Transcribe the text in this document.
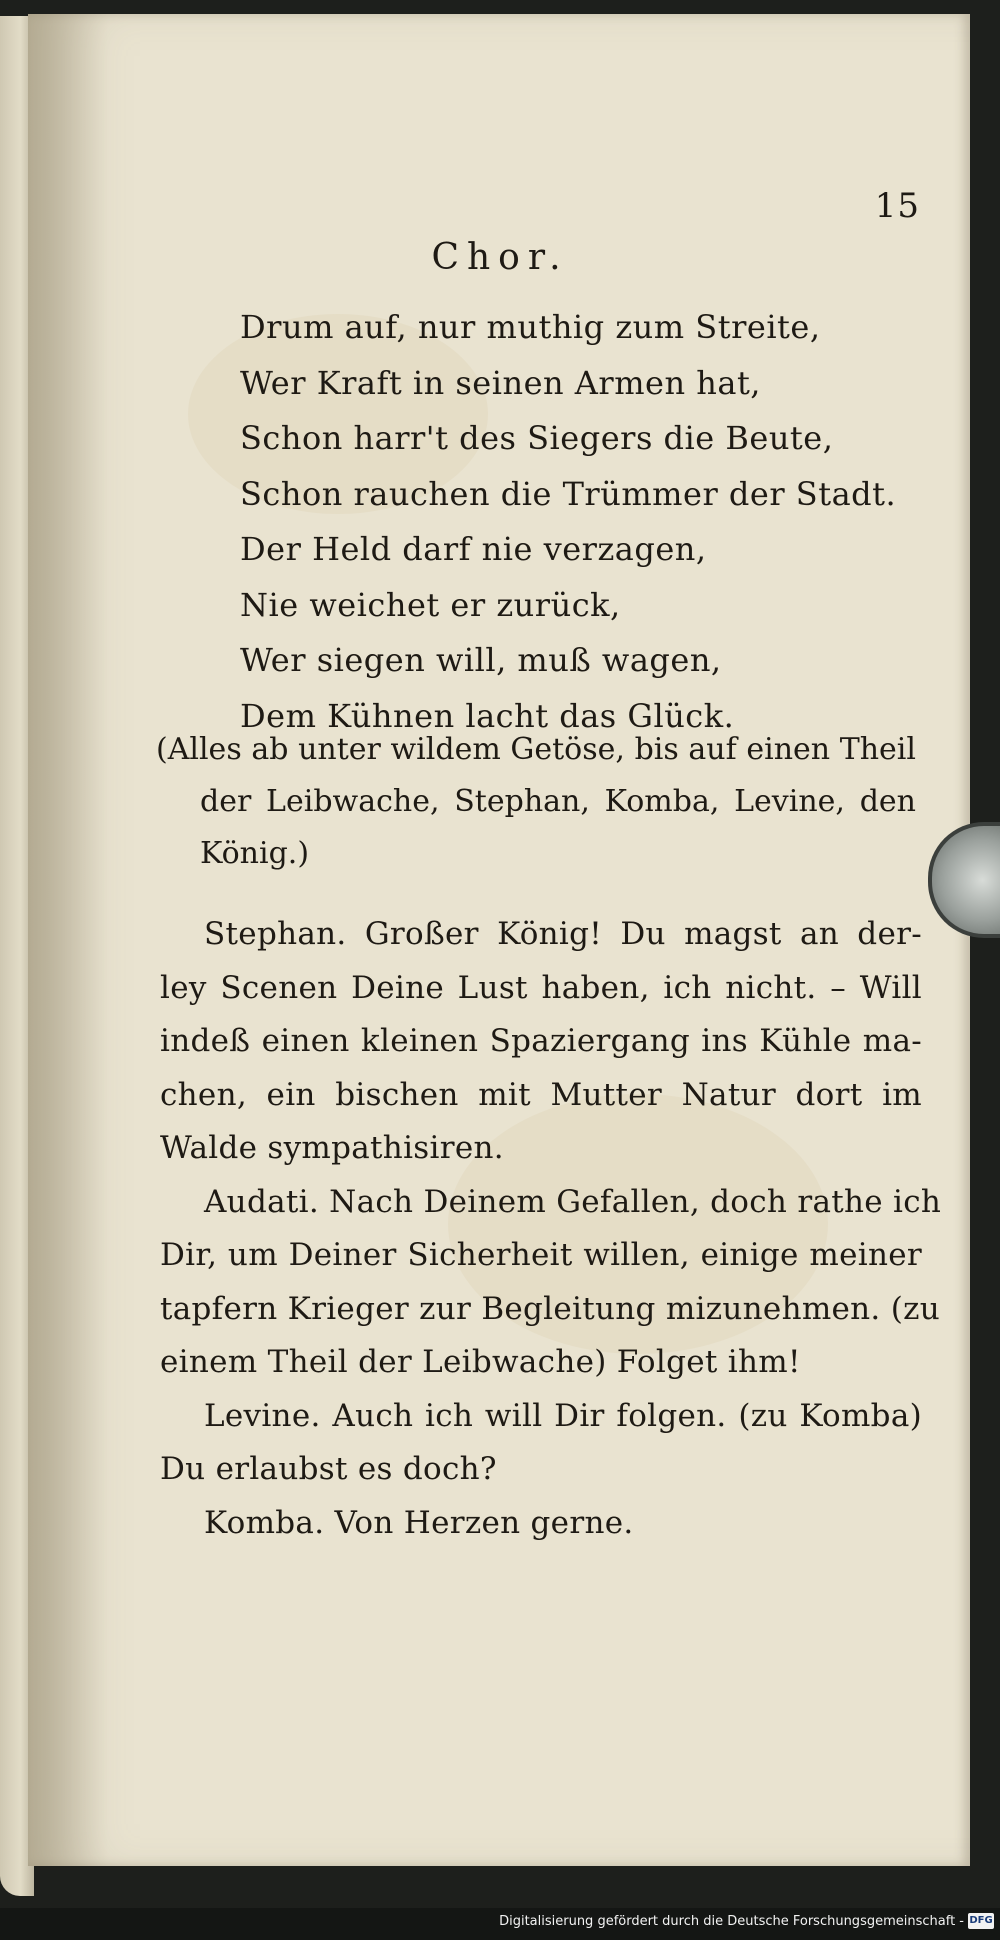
15
Chor.
Drum auf, nur muthig zum Streite,
Wer Kraft in seinen Armen hat,
Schon harr't des Siegers die Beute,
Schon rauchen die Trümmer der Stadt.
Der Held darf nie verzagen,
Nie weichet er zurück,
Wer siegen will, muß wagen,
Dem Kühnen lacht das Glück.
(Alles ab unter wildem Getöse, bis auf einen Theil
der Leibwache, Stephan, Komba, Levine, den
König.)
Stephan. Großer König! Du magst an der-
ley Scenen Deine Lust haben, ich nicht. – Will
indeß einen kleinen Spaziergang ins Kühle ma-
chen, ein bischen mit Mutter Natur dort im
Walde sympathisiren.
Audati. Nach Deinem Gefallen, doch rathe ich
Dir, um Deiner Sicherheit willen, einige meiner
tapfern Krieger zur Begleitung mizunehmen. (zu
einem Theil der Leibwache) Folget ihm!
Levine. Auch ich will Dir folgen. (zu Komba)
Du erlaubst es doch?
Komba. Von Herzen gerne.
Digitalisierung gefördert durch die Deutsche Forschungsgemeinschaft - DFG
